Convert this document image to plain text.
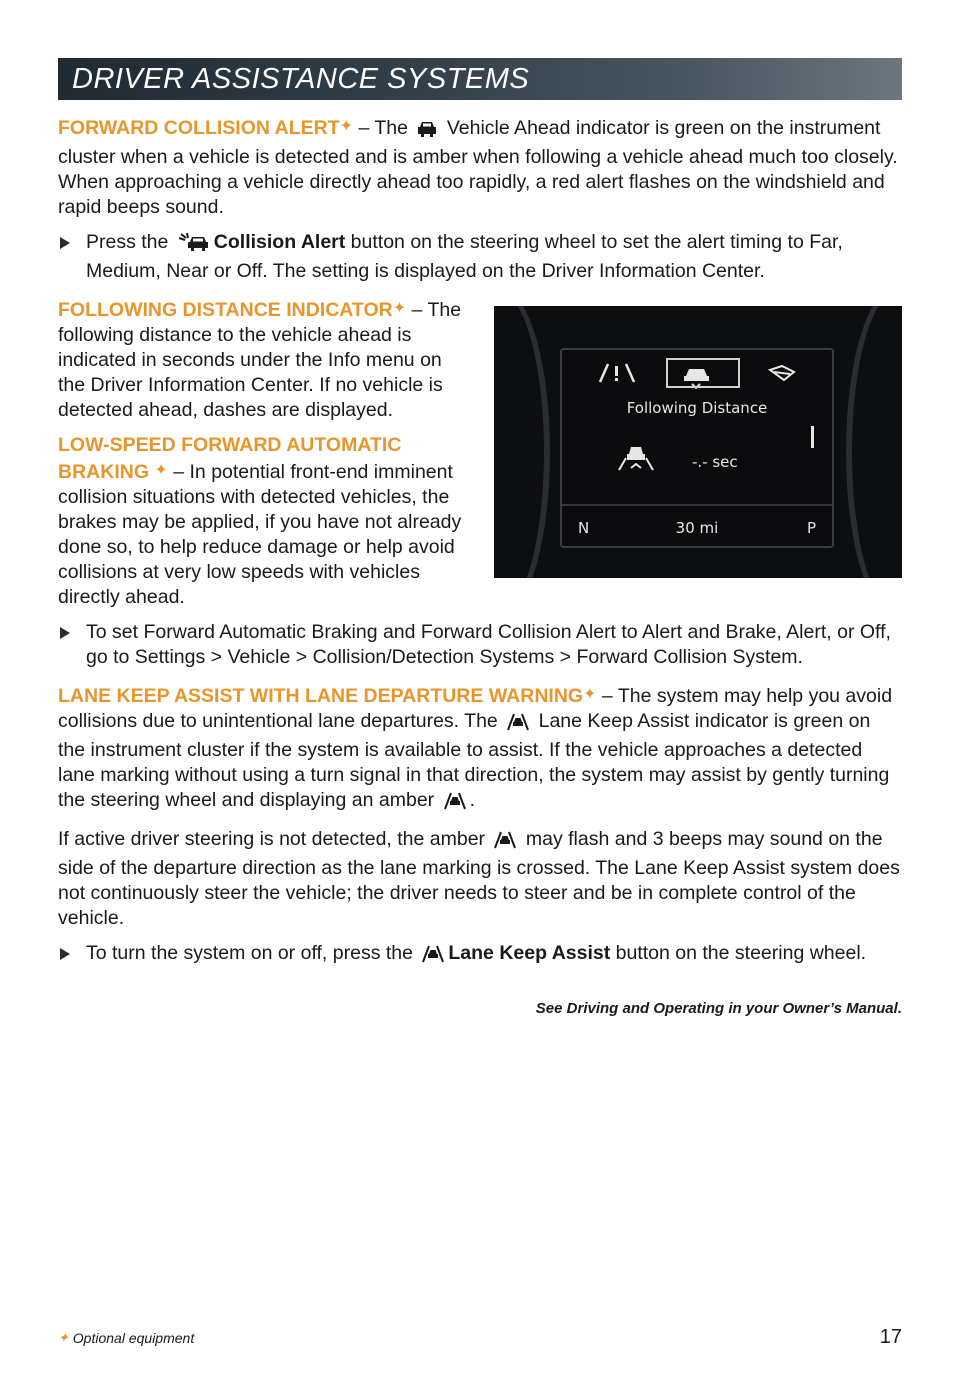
DRIVER ASSISTANCE SYSTEMS

FORWARD COLLISION ALERT✦ – The  Vehicle Ahead indicator is green on the instrument cluster when a vehicle is detected and is amber when following a vehicle ahead much too closely. When approaching a vehicle directly ahead too rapidly, a red alert flashes on the windshield and rapid beeps sound.

Press the Collision Alert button on the steering wheel to set the alert timing to Far, Medium, Near or Off. The setting is displayed on the Driver Information Center.
Following Distance
-.- sec
N	30 mi	P

FOLLOWING DISTANCE INDICATOR✦ – The following distance to the vehicle ahead is indicated in seconds under the Info menu on the Driver Information Center. If no vehicle is detected ahead, dashes are displayed.

LOW-SPEED FORWARD AUTOMATIC BRAKING ✦ – In potential front-end imminent collision situations with detected vehicles, the brakes may be applied, if you have not already done so, to help reduce damage or help avoid collisions at very low speeds with vehicles directly ahead.

To set Forward Automatic Braking and Forward Collision Alert to Alert and Brake, Alert, or Off, go to Settings > Vehicle > Collision/Detection Systems > Forward Collision System.

LANE KEEP ASSIST WITH LANE DEPARTURE WARNING✦ – The system may help you avoid collisions due to unintentional lane departures. The  Lane Keep Assist indicator is green on the instrument cluster if the system is available to assist. If the vehicle approaches a detected lane marking without using a turn signal in that direction, the system may assist by gently turning the steering wheel and displaying an amber .

If active driver steering is not detected, the amber  may flash and 3 beeps may sound on the side of the departure direction as the lane marking is crossed. The Lane Keep Assist system does not continuously steer the vehicle; the driver needs to steer and be in complete control of the vehicle.

To turn the system on or off, press the Lane Keep Assist button on the steering wheel.
See Driving and Operating in your Owner’s Manual.
✦ Optional equipment	17
